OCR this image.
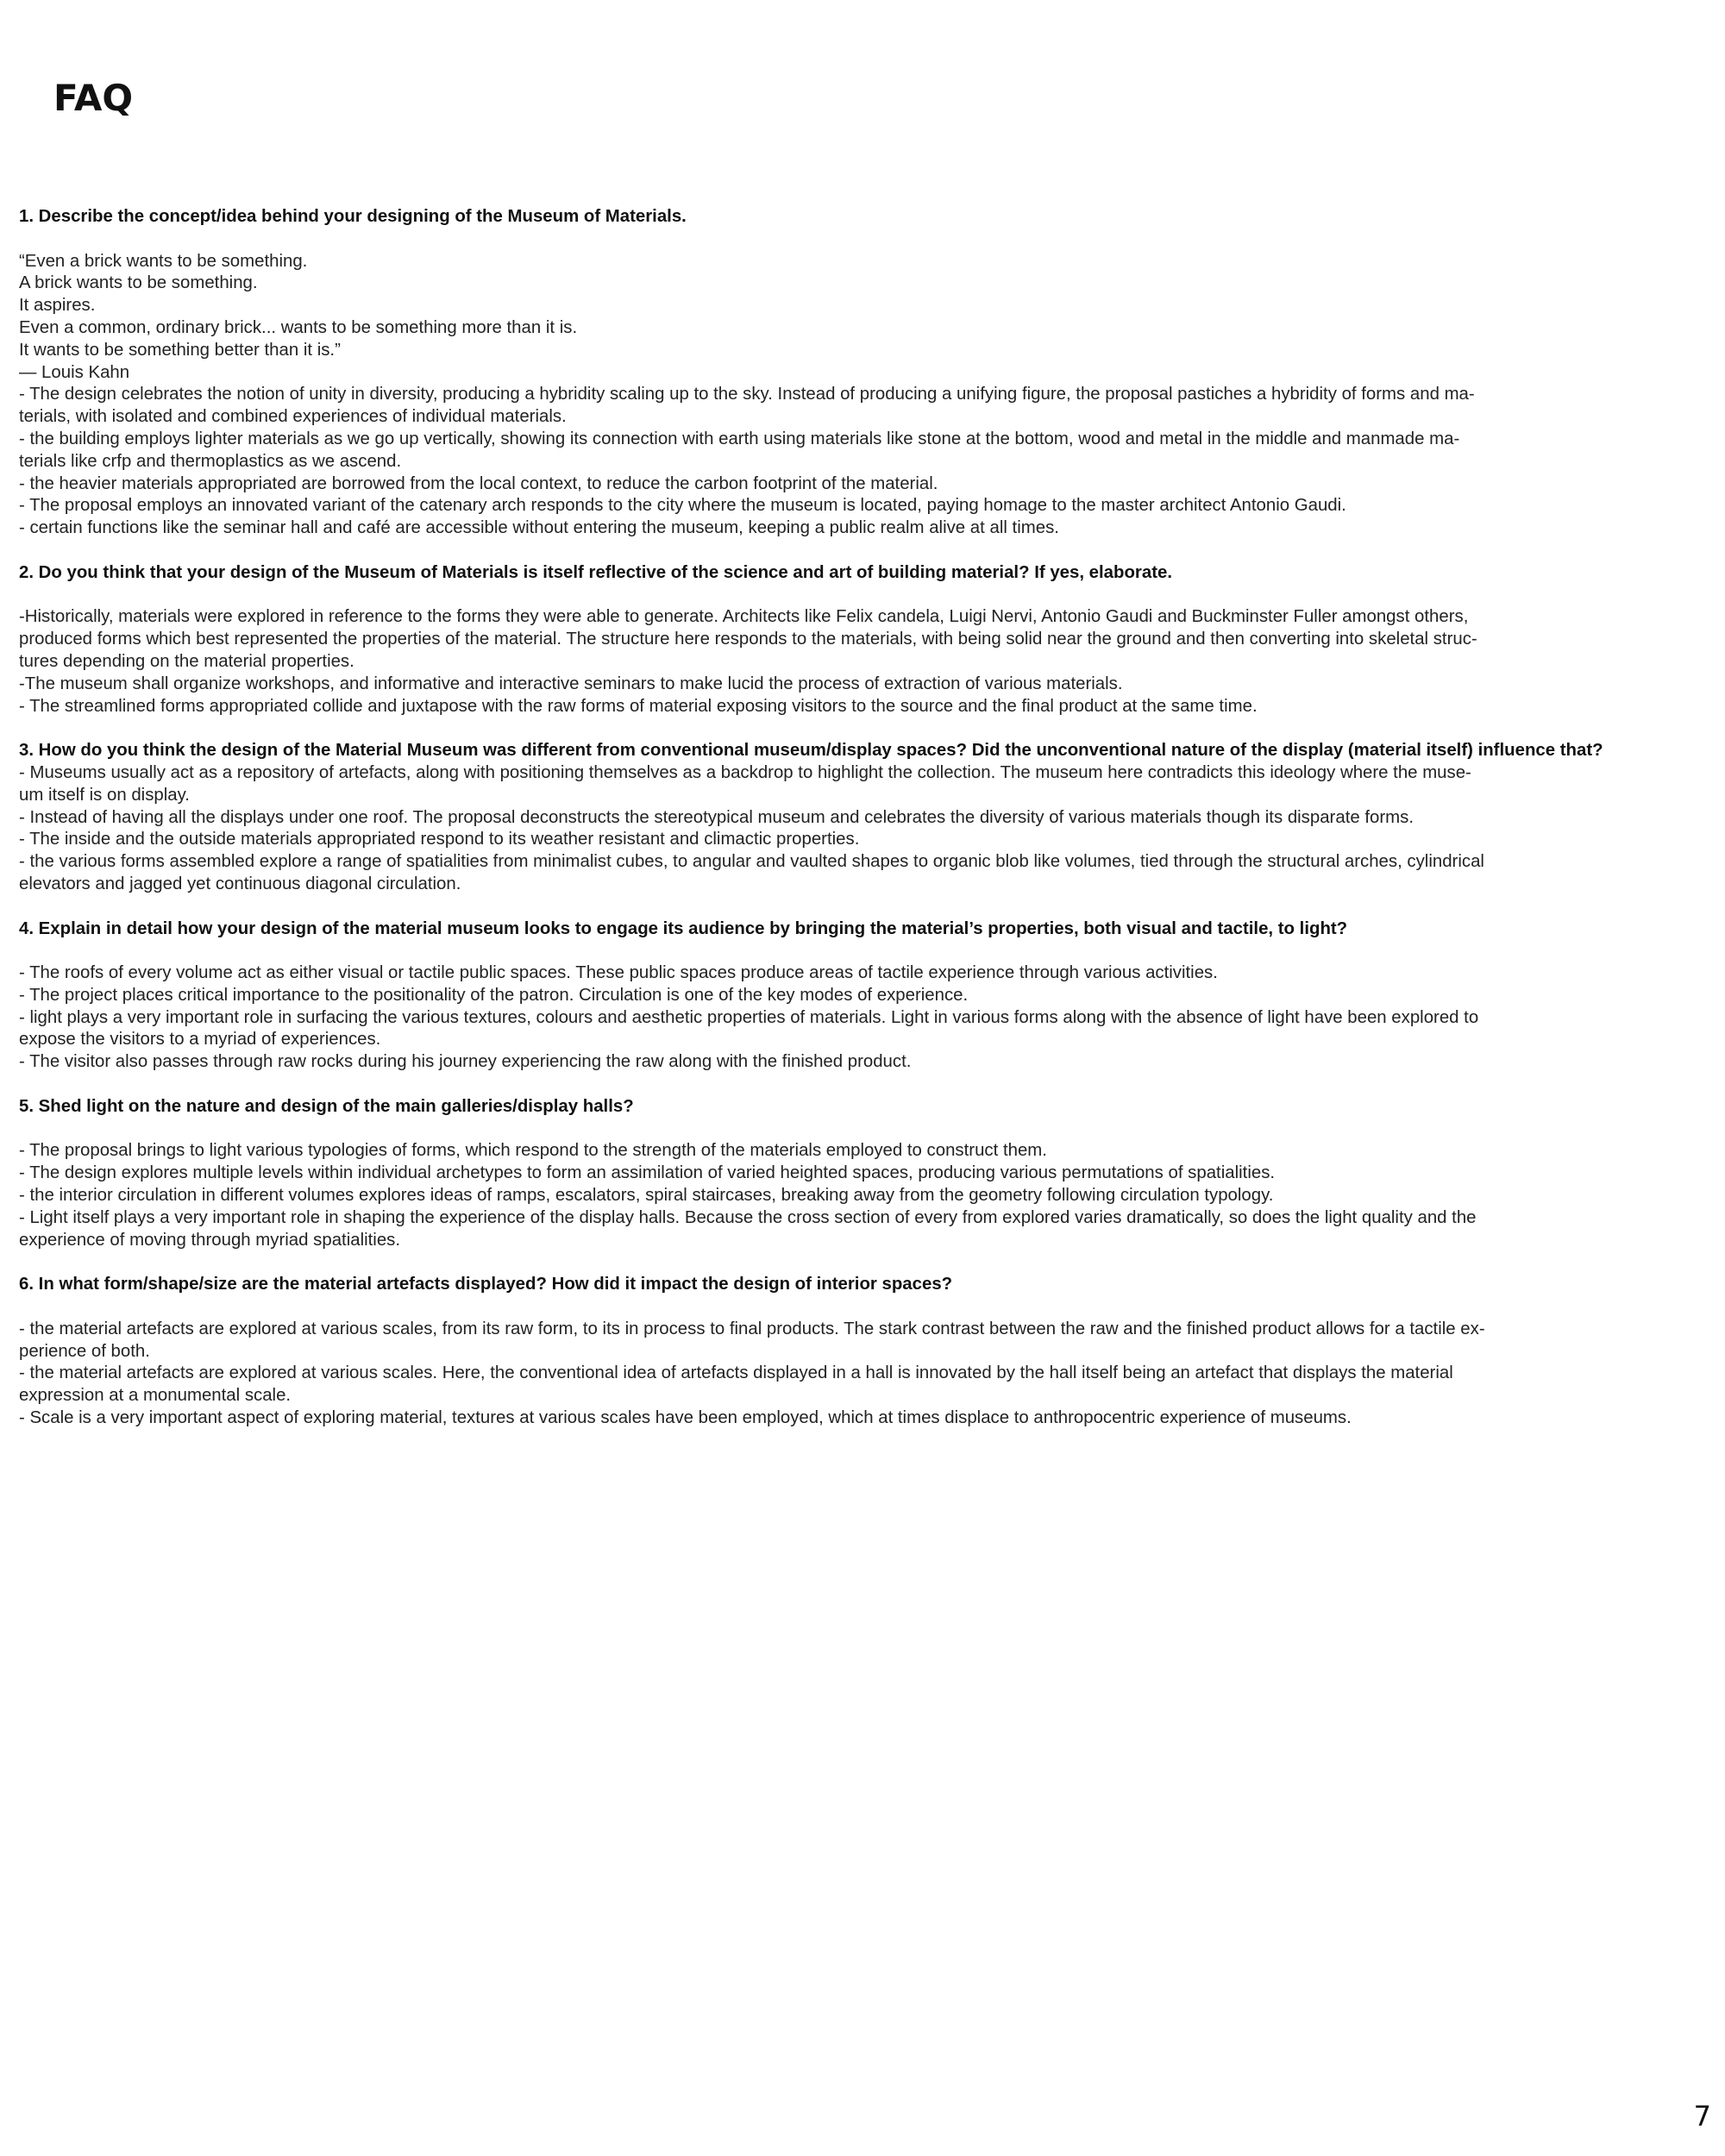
FAQ

1. Describe the concept/idea behind your designing of the Museum of Materials.

“Even a brick wants to be something.

A brick wants to be something.

It aspires.

Even a common, ordinary brick... wants to be something more than it is.

It wants to be something better than it is.”

— Louis Kahn

- The design celebrates the notion of unity in diversity, producing a hybridity scaling up to the sky. Instead of producing a unifying figure, the proposal pastiches a hybridity of forms and ma-

terials, with isolated and combined experiences of individual materials.

- the building employs lighter materials as we go up vertically, showing its connection with earth using materials like stone at the bottom, wood and metal in the middle and manmade ma-

terials like crfp and thermoplastics as we ascend.

- the heavier materials appropriated are borrowed from the local context, to reduce the carbon footprint of the material.

- The proposal employs an innovated variant of the catenary arch responds to the city where the museum is located, paying homage to the master architect Antonio Gaudi.

- certain functions like the seminar hall and café are accessible without entering the museum, keeping a public realm alive at all times.

2. Do you think that your design of the Museum of Materials is itself reflective of the science and art of building material? If yes, elaborate.

-Historically, materials were explored in reference to the forms they were able to generate. Architects like Felix candela, Luigi Nervi, Antonio Gaudi and Buckminster Fuller amongst others,

produced forms which best represented the properties of the material. The structure here responds to the materials, with being solid near the ground and then converting into skeletal struc-

tures depending on the material properties.

-The museum shall organize workshops, and informative and interactive seminars to make lucid the process of extraction of various materials.

- The streamlined forms appropriated collide and juxtapose with the raw forms of material exposing visitors to the source and the final product at the same time.

3. How do you think the design of the Material Museum was different from conventional museum/display spaces? Did the unconventional nature of the display (material itself) influence that?

- Museums usually act as a repository of artefacts, along with positioning themselves as a backdrop to highlight the collection. The museum here contradicts this ideology where the muse-

um itself is on display.

- Instead of having all the displays under one roof. The proposal deconstructs the stereotypical museum and celebrates the diversity of various materials though its disparate forms.

- The inside and the outside materials appropriated respond to its weather resistant and climactic properties.

- the various forms assembled explore a range of spatialities from minimalist cubes, to angular and vaulted shapes to organic blob like volumes, tied through the structural arches, cylindrical

elevators and jagged yet continuous diagonal circulation.

4. Explain in detail how your design of the material museum looks to engage its audience by bringing the material’s properties, both visual and tactile, to light?

- The roofs of every volume act as either visual or tactile public spaces. These public spaces produce areas of tactile experience through various activities.

- The project places critical importance to the positionality of the patron. Circulation is one of the key modes of experience.

- light plays a very important role in surfacing the various textures, colours and aesthetic properties of materials. Light in various forms along with the absence of light have been explored to

expose the visitors to a myriad of experiences.

- The visitor also passes through raw rocks during his journey experiencing the raw along with the finished product.

5. Shed light on the nature and design of the main galleries/display halls?

- The proposal brings to light various typologies of forms, which respond to the strength of the materials employed to construct them.

- The design explores multiple levels within individual archetypes to form an assimilation of varied heighted spaces, producing various permutations of spatialities.

- the interior circulation in different volumes explores ideas of ramps, escalators, spiral staircases, breaking away from the geometry following circulation typology.

- Light itself plays a very important role in shaping the experience of the display halls. Because the cross section of every from explored varies dramatically, so does the light quality and the

experience of moving through myriad spatialities.

6. In what form/shape/size are the material artefacts displayed? How did it impact the design of interior spaces?

- the material artefacts are explored at various scales, from its raw form, to its in process to final products. The stark contrast between the raw and the finished product allows for a tactile ex-

perience of both.

- the material artefacts are explored at various scales. Here, the conventional idea of artefacts displayed in a hall is innovated by the hall itself being an artefact that displays the material

expression at a monumental scale.

- Scale is a very important aspect of exploring material, textures at various scales have been employed, which at times displace to anthropocentric experience of museums.

7
